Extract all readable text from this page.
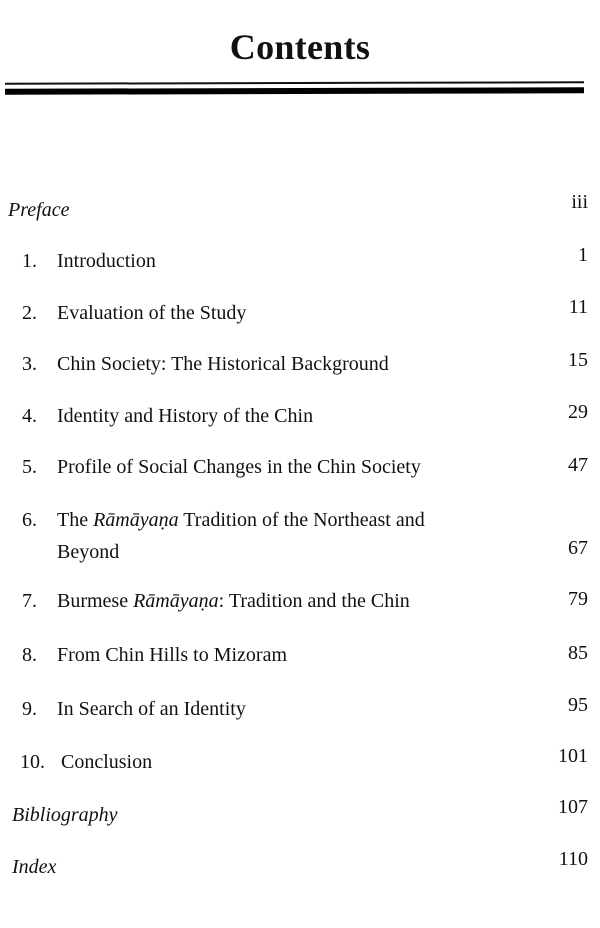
Contents
Preface	iii
1. Introduction	1
2. Evaluation of the Study	11
3. Chin Society: The Historical Background	15
4. Identity and History of the Chin	29
5. Profile of Social Changes in the Chin Society	47
6. The Rāmāyaṇa Tradition of the Northeast and
Beyond	67
7. Burmese Rāmāyaṇa: Tradition and the Chin	79
8. From Chin Hills to Mizoram	85
9. In Search of an Identity	95
10. Conclusion	101
Bibliography	107
Index	110
